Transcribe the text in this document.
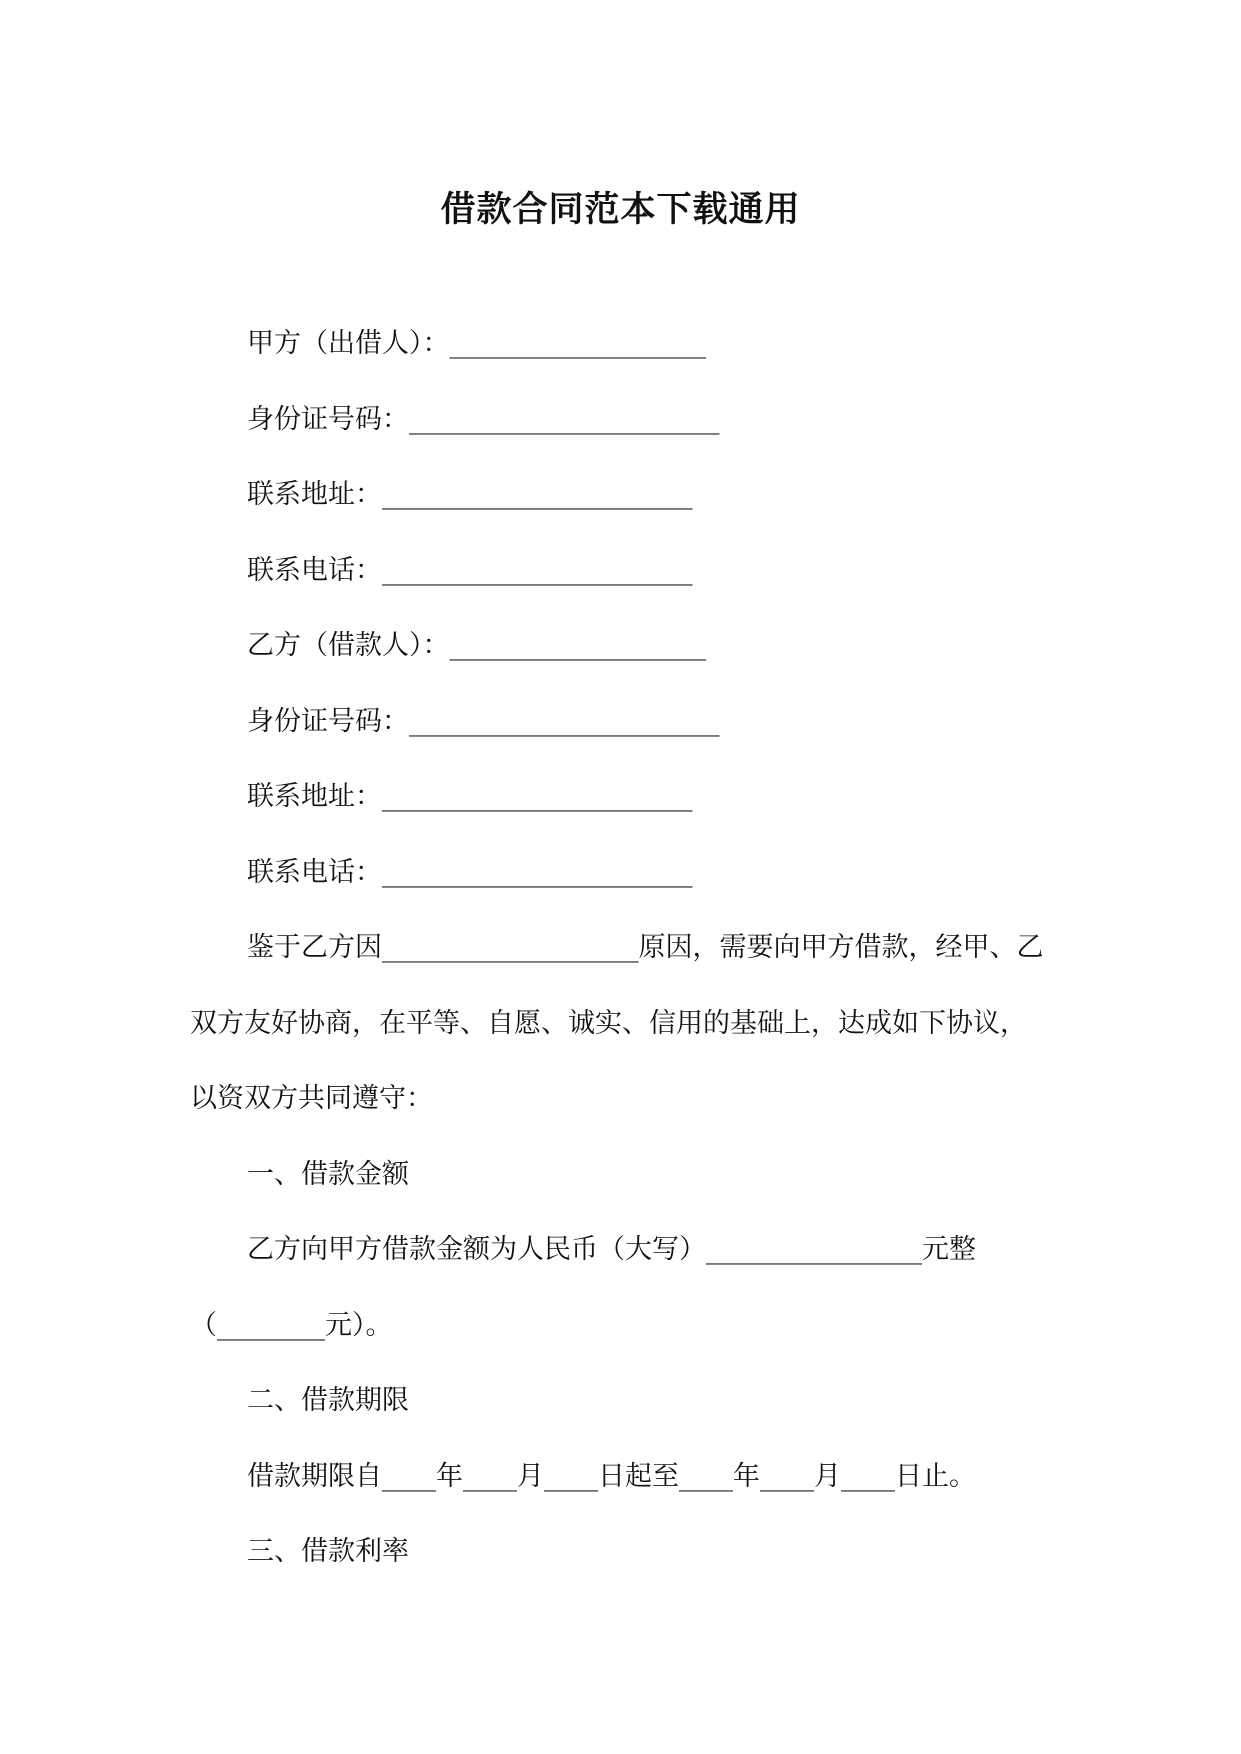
借款合同范本下载通用

甲方（出借人）：___________________

身份证号码：_______________________

联系地址：_______________________

联系电话：_______________________

乙方（借款人）：___________________

身份证号码：_______________________

联系地址：_______________________

联系电话：_______________________

鉴于乙方因___________________原因，需要向甲方借款，经甲、乙双方友好协商，在平等、自愿、诚实、信用的基础上，达成如下协议，以资双方共同遵守：

一、借款金额

乙方向甲方借款金额为人民币（大写）________________元整（________元）。

二、借款期限

借款期限自____年____月____日起至____年____月____日止。

三、借款利率
